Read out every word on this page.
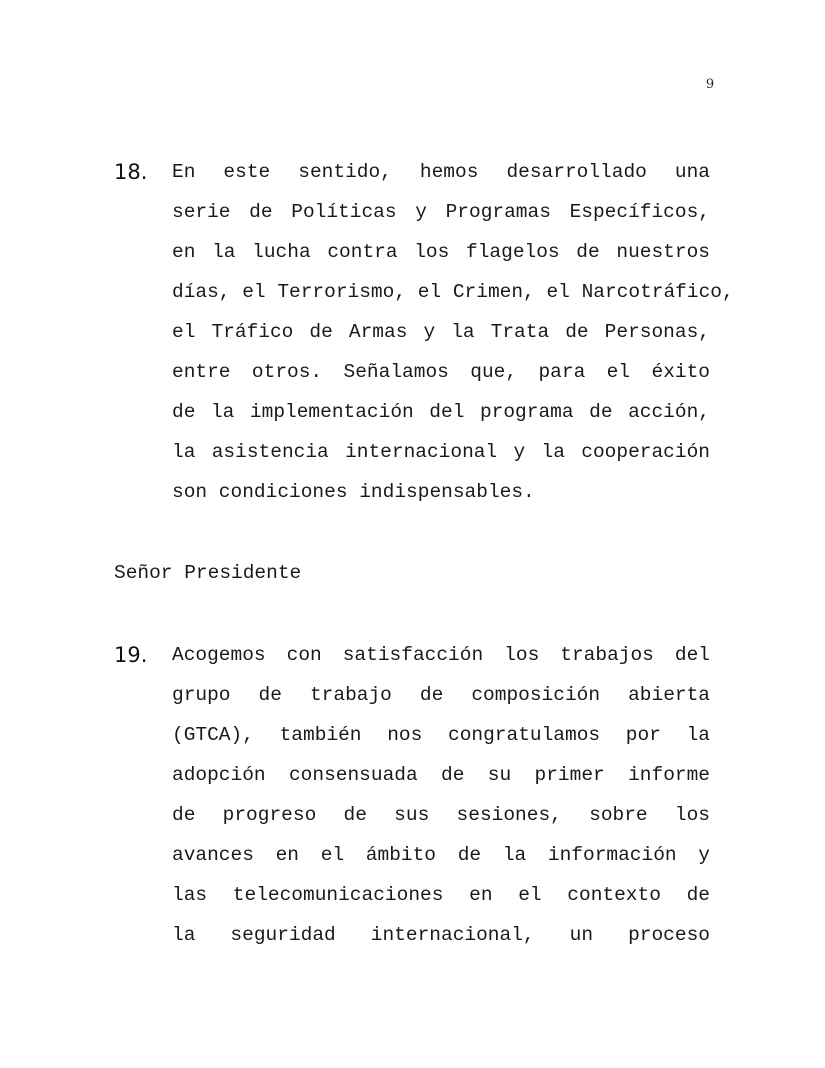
9
18. En este sentido, hemos desarrollado una
serie de Políticas y Programas Específicos,
en la lucha contra los flagelos de nuestros
días, el Terrorismo, el Crimen, el Narcotráfico,
el Tráfico de Armas y la Trata de Personas,
entre otros. Señalamos que, para el éxito
de la implementación del programa de acción,
la asistencia internacional y la cooperación
son condiciones indispensables.
Señor Presidente
19. Acogemos con satisfacción los trabajos del
grupo de trabajo de composición abierta
(GTCA), también nos congratulamos por la
adopción consensuada de su primer informe
de progreso de sus sesiones, sobre los
avances en el ámbito de la información y
las telecomunicaciones en el contexto de
la seguridad internacional, un proceso
